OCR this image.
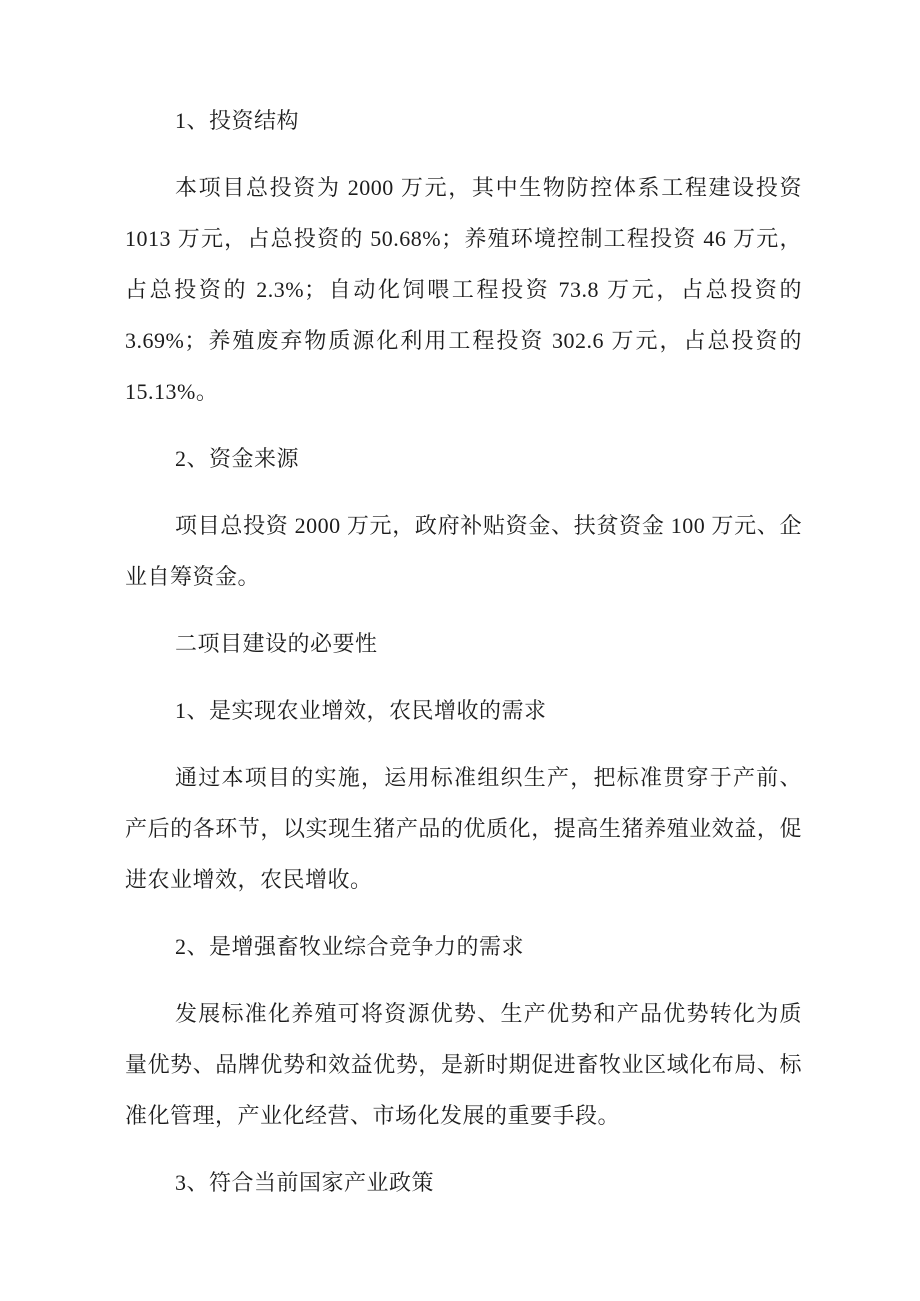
1、投资结构
本项目总投资为 2000 万元，其中生物防控体系工程建设投资
1013 万元，占总投资的 50.68%；养殖环境控制工程投资 46 万元，
占总投资的 2.3%；自动化饲喂工程投资 73.8 万元，占总投资的
3.69%；养殖废弃物质源化利用工程投资 302.6 万元，占总投资的
15.13%。
2、资金来源
项目总投资 2000 万元，政府补贴资金、扶贫资金 100 万元、企
业自筹资金。
二项目建设的必要性
1、是实现农业增效，农民增收的需求
通过本项目的实施，运用标准组织生产，把标准贯穿于产前、
产后的各环节，以实现生猪产品的优质化，提高生猪养殖业效益，促
进农业增效，农民增收。
2、是增强畜牧业综合竞争力的需求
发展标准化养殖可将资源优势、生产优势和产品优势转化为质
量优势、品牌优势和效益优势，是新时期促进畜牧业区域化布局、标
准化管理，产业化经营、市场化发展的重要手段。
3、符合当前国家产业政策
